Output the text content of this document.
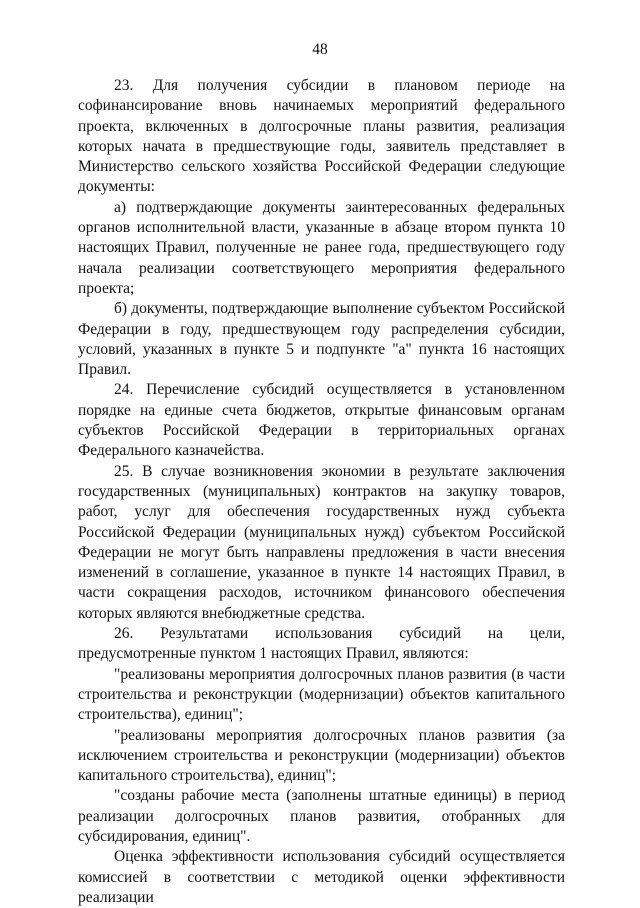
48

23. Для получения субсидии в плановом периоде на софинансирование вновь начинаемых мероприятий федерального проекта, включенных в долгосрочные планы развития, реализация которых начата в предшествующие годы, заявитель представляет в Министерство сельского хозяйства Российской Федерации следующие документы:

а) подтверждающие документы заинтересованных федеральных органов исполнительной власти, указанные в абзаце втором пункта 10 настоящих Правил, полученные не ранее года, предшествующего году начала реализации соответствующего мероприятия федерального проекта;

б) документы, подтверждающие выполнение субъектом Российской Федерации в году, предшествующем году распределения субсидии, условий, указанных в пункте 5 и подпункте "а" пункта 16 настоящих Правил.

24. Перечисление субсидий осуществляется в установленном порядке на единые счета бюджетов, открытые финансовым органам субъектов Российской Федерации в территориальных органах Федерального казначейства.

25. В случае возникновения экономии в результате заключения государственных (муниципальных) контрактов на закупку товаров, работ, услуг для обеспечения государственных нужд субъекта Российской Федерации (муниципальных нужд) субъектом Российской Федерации не могут быть направлены предложения в части внесения изменений в соглашение, указанное в пункте 14 настоящих Правил, в части сокращения расходов, источником финансового обеспечения которых являются внебюджетные средства.

26. Результатами использования субсидий на цели, предусмотренные пунктом 1 настоящих Правил, являются:

"реализованы мероприятия долгосрочных планов развития (в части строительства и реконструкции (модернизации) объектов капитального строительства), единиц";

"реализованы мероприятия долгосрочных планов развития (за исключением строительства и реконструкции (модернизации) объектов капитального строительства), единиц";

"созданы рабочие места (заполнены штатные единицы) в период реализации долгосрочных планов развития, отобранных для субсидирования, единиц".

Оценка эффективности использования субсидий осуществляется комиссией в соответствии с методикой оценки эффективности реализации
